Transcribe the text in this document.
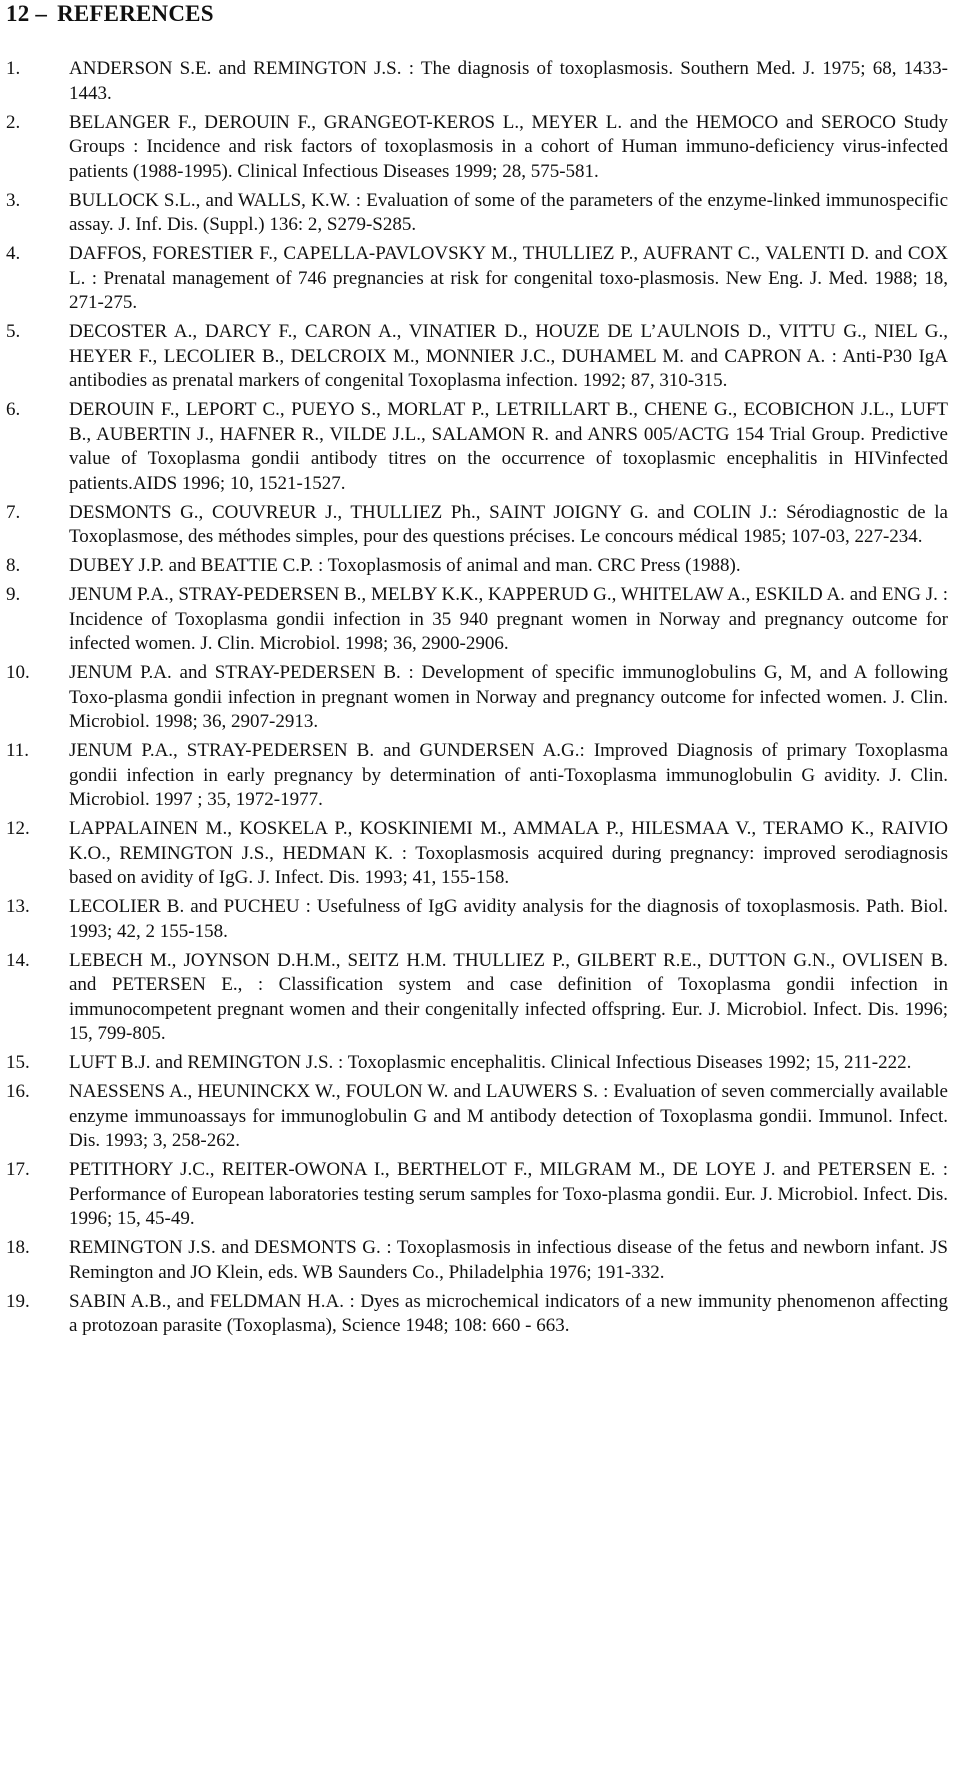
12 – REFERENCES
1.	ANDERSON S.E. and REMINGTON J.S. : The diagnosis of toxoplasmosis. Southern Med. J. 1975; 68, 1433-1443.
2.	BELANGER F., DEROUIN F., GRANGEOT-KEROS L., MEYER L. and the HEMOCO and SEROCO Study Groups : Incidence and risk factors of toxoplasmosis in a cohort of Human immuno-deficiency virus-infected patients (1988-1995). Clinical Infectious Diseases 1999; 28, 575-581.
3.	BULLOCK S.L., and WALLS, K.W. : Evaluation of some of the parameters of the enzyme-linked immunospecific assay. J. Inf. Dis. (Suppl.) 136: 2, S279-S285.
4.	DAFFOS, FORESTIER F., CAPELLA-PAVLOVSKY M., THULLIEZ P., AUFRANT C., VALENTI D. and COX L. : Prenatal management of 746 pregnancies at risk for congenital toxo-plasmosis. New Eng. J. Med. 1988; 18, 271-275.
5.	DECOSTER A., DARCY F., CARON A., VINATIER D., HOUZE DE L’AULNOIS D., VITTU G., NIEL G., HEYER F., LECOLIER B., DELCROIX M., MONNIER J.C., DUHAMEL M. and CAPRON A. : Anti-P30 IgA antibodies as prenatal markers of congenital Toxoplasma infection. 1992; 87, 310-315.
6.	DEROUIN F., LEPORT C., PUEYO S., MORLAT P., LETRILLART B., CHENE G., ECOBICHON J.L., LUFT B., AUBERTIN J., HAFNER R., VILDE J.L., SALAMON R. and ANRS 005/ACTG 154 Trial Group. Predictive value of Toxoplasma gondii antibody titres on the occurrence of toxoplasmic encephalitis in HIVinfected patients.AIDS 1996; 10, 1521-1527.
7.	DESMONTS G., COUVREUR J., THULLIEZ Ph., SAINT JOIGNY G. and COLIN J.: Sérodiagnostic de la Toxoplasmose, des méthodes simples, pour des questions précises. Le concours médical 1985; 107-03, 227-234.
8.	DUBEY J.P. and BEATTIE C.P. : Toxoplasmosis of animal and man. CRC Press (1988).
9.	JENUM P.A., STRAY-PEDERSEN B., MELBY K.K., KAPPERUD G., WHITELAW A., ESKILD A. and ENG J. : Incidence of Toxoplasma gondii infection in 35 940 pregnant women in Norway and pregnancy outcome for infected women. J. Clin. Microbiol. 1998; 36, 2900-2906.
10.	JENUM P.A. and STRAY-PEDERSEN B. : Development of specific immunoglobulins G, M, and A following Toxo-plasma gondii infection in pregnant women in Norway and pregnancy outcome for infected women. J. Clin. Microbiol. 1998; 36, 2907-2913.
11.	JENUM P.A., STRAY-PEDERSEN B. and GUNDERSEN A.G.: Improved Diagnosis of primary Toxoplasma gondii infection in early pregnancy by determination of anti-Toxoplasma immunoglobulin G avidity. J. Clin. Microbiol. 1997 ; 35, 1972-1977.
12.	LAPPALAINEN M., KOSKELA P., KOSKINIEMI M., AMMALA P., HILESMAA V., TERAMO K., RAIVIO K.O., REMINGTON J.S., HEDMAN K. : Toxoplasmosis acquired during pregnancy: improved serodiagnosis based on avidity of IgG. J. Infect. Dis. 1993; 41, 155-158.
13.	LECOLIER B. and PUCHEU : Usefulness of IgG avidity analysis for the diagnosis of toxoplasmosis. Path. Biol. 1993; 42, 2 155-158.
14.	LEBECH M., JOYNSON D.H.M., SEITZ H.M. THULLIEZ P., GILBERT R.E., DUTTON G.N., OVLISEN B. and PETERSEN E., : Classification system and case definition of Toxoplasma gondii infection in immunocompetent pregnant women and their congenitally infected offspring. Eur. J. Microbiol. Infect. Dis. 1996; 15, 799-805.
15.	LUFT B.J. and REMINGTON J.S. : Toxoplasmic encephalitis. Clinical Infectious Diseases 1992; 15, 211-222.
16.	NAESSENS A., HEUNINCKX W., FOULON W. and LAUWERS S. : Evaluation of seven commercially available enzyme immunoassays for immunoglobulin G and M antibody detection of Toxoplasma gondii. Immunol. Infect. Dis. 1993; 3, 258-262.
17.	PETITHORY J.C., REITER-OWONA I., BERTHELOT F., MILGRAM M., DE LOYE J. and PETERSEN E. : Performance of European laboratories testing serum samples for Toxo-plasma gondii. Eur. J. Microbiol. Infect. Dis. 1996; 15, 45-49.
18.	REMINGTON J.S. and DESMONTS G. : Toxoplasmosis in infectious disease of the fetus and newborn infant. JS Remington and JO Klein, eds. WB Saunders Co., Philadelphia 1976; 191-332.
19.	SABIN A.B., and FELDMAN H.A. : Dyes as microchemical indicators of a new immunity phenomenon affecting a protozoan parasite (Toxoplasma), Science 1948; 108: 660 - 663.
